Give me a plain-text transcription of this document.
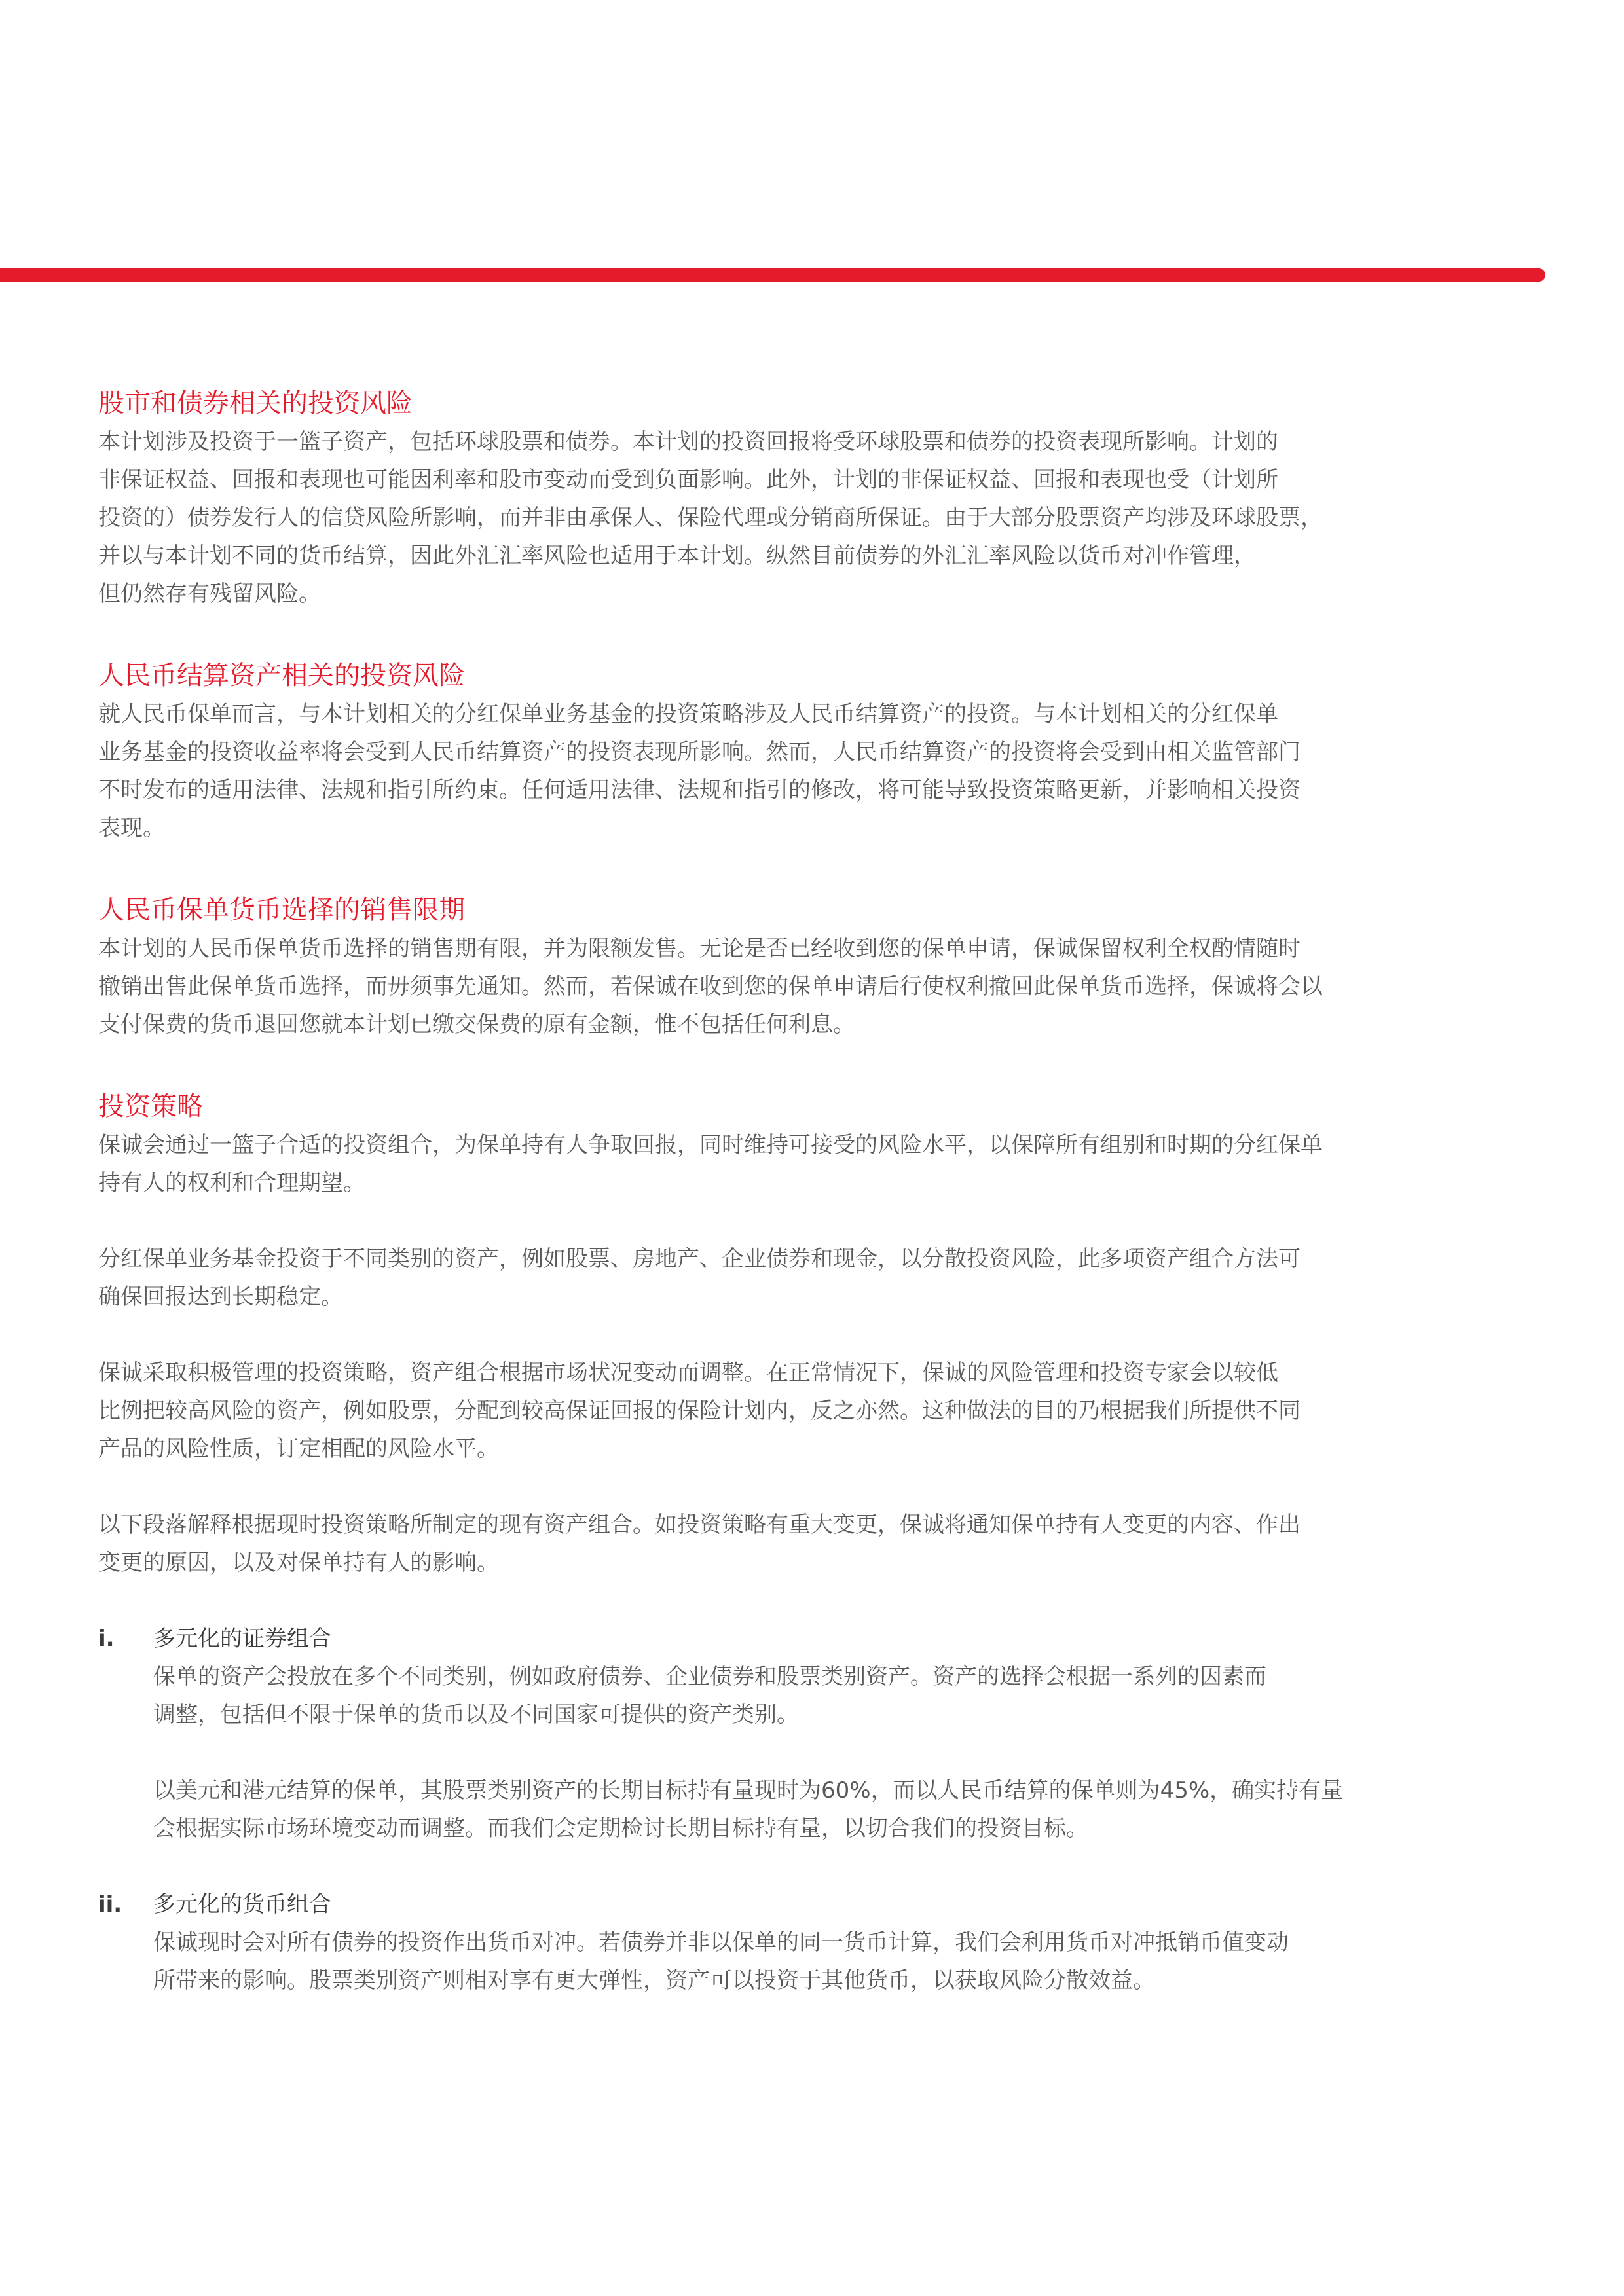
股市和债券相关的投资风险

本计划涉及投资于一篮子资产，包括环球股票和债券。本计划的投资回报将受环球股票和债券的投资表现所影响。计划的
非保证权益、回报和表现也可能因利率和股市变动而受到负面影响。此外，计划的非保证权益、回报和表现也受（计划所
投资的）债券发行人的信贷风险所影响，而并非由承保人、保险代理或分销商所保证。由于大部分股票资产均涉及环球股票，
并以与本计划不同的货币结算，因此外汇汇率风险也适用于本计划。纵然目前债券的外汇汇率风险以货币对冲作管理，
但仍然存有残留风险。

人民币结算资产相关的投资风险

就人民币保单而言，与本计划相关的分红保单业务基金的投资策略涉及人民币结算资产的投资。与本计划相关的分红保单
业务基金的投资收益率将会受到人民币结算资产的投资表现所影响。然而，人民币结算资产的投资将会受到由相关监管部门
不时发布的适用法律、法规和指引所约束。任何适用法律、法规和指引的修改，将可能导致投资策略更新，并影响相关投资
表现。

人民币保单货币选择的销售限期

本计划的人民币保单货币选择的销售期有限，并为限额发售。无论是否已经收到您的保单申请，保诚保留权利全权酌情随时
撤销出售此保单货币选择，而毋须事先通知。然而，若保诚在收到您的保单申请后行使权利撤回此保单货币选择，保诚将会以
支付保费的货币退回您就本计划已缴交保费的原有金额，惟不包括任何利息。

投资策略

保诚会通过一篮子合适的投资组合，为保单持有人争取回报，同时维持可接受的风险水平，以保障所有组别和时期的分红保单
持有人的权利和合理期望。

分红保单业务基金投资于不同类别的资产，例如股票、房地产、企业债券和现金，以分散投资风险，此多项资产组合方法可
确保回报达到长期稳定。

保诚采取积极管理的投资策略，资产组合根据市场状况变动而调整。在正常情况下，保诚的风险管理和投资专家会以较低
比例把较高风险的资产，例如股票，分配到较高保证回报的保险计划内，反之亦然。这种做法的目的乃根据我们所提供不同
产品的风险性质，订定相配的风险水平。

以下段落解释根据现时投资策略所制定的现有资产组合。如投资策略有重大变更，保诚将通知保单持有人变更的内容、作出
变更的原因，以及对保单持有人的影响。

i. 多元化的证券组合

保单的资产会投放在多个不同类别，例如政府债券、企业债券和股票类别资产。资产的选择会根据一系列的因素而
调整，包括但不限于保单的货币以及不同国家可提供的资产类别。

以美元和港元结算的保单，其股票类别资产的长期目标持有量现时为60%，而以人民币结算的保单则为45%，确实持有量
会根据实际市场环境变动而调整。而我们会定期检讨长期目标持有量，以切合我们的投资目标。

ii. 多元化的货币组合

保诚现时会对所有债券的投资作出货币对冲。若债券并非以保单的同一货币计算，我们会利用货币对冲抵销币值变动
所带来的影响。股票类别资产则相对享有更大弹性，资产可以投资于其他货币，以获取风险分散效益。
